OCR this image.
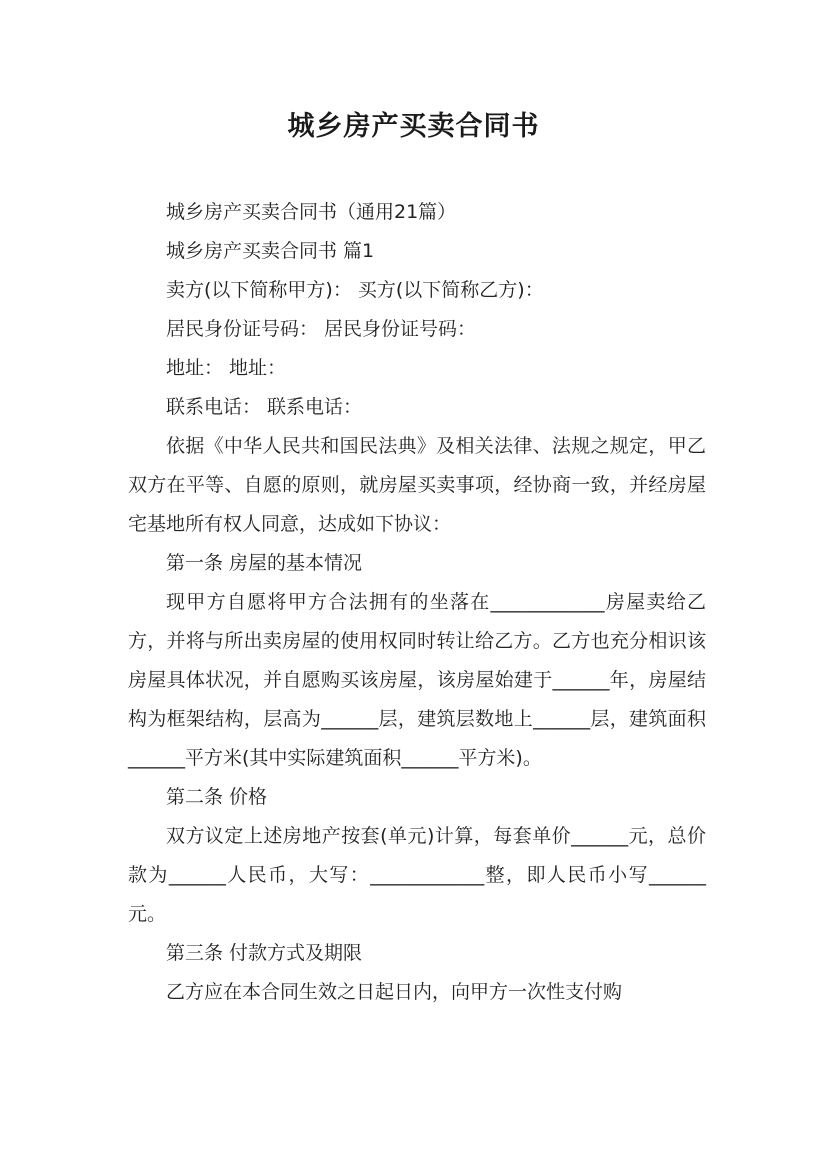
城乡房产买卖合同书

城乡房产买卖合同书（通用21篇）

城乡房产买卖合同书 篇1

卖方(以下简称甲方)： 买方(以下简称乙方)：

居民身份证号码： 居民身份证号码：

地址： 地址：

联系电话： 联系电话：

依据《中华人民共和国民法典》及相关法律、法规之规定，甲乙双方在平等、自愿的原则，就房屋买卖事项，经协商一致，并经房屋宅基地所有权人同意，达成如下协议：

第一条 房屋的基本情况

现甲方自愿将甲方合法拥有的坐落在____________房屋卖给乙方，并将与所出卖房屋的使用权同时转让给乙方。乙方也充分相识该房屋具体状况，并自愿购买该房屋，该房屋始建于______年，房屋结构为框架结构，层高为______层，建筑层数地上______层，建筑面积______平方米(其中实际建筑面积______平方米)。

第二条 价格

双方议定上述房地产按套(单元)计算，每套单价______元，总价款为______人民币，大写：____________整，即人民币小写______元。

第三条 付款方式及期限

乙方应在本合同生效之日起日内，向甲方一次性支付购
